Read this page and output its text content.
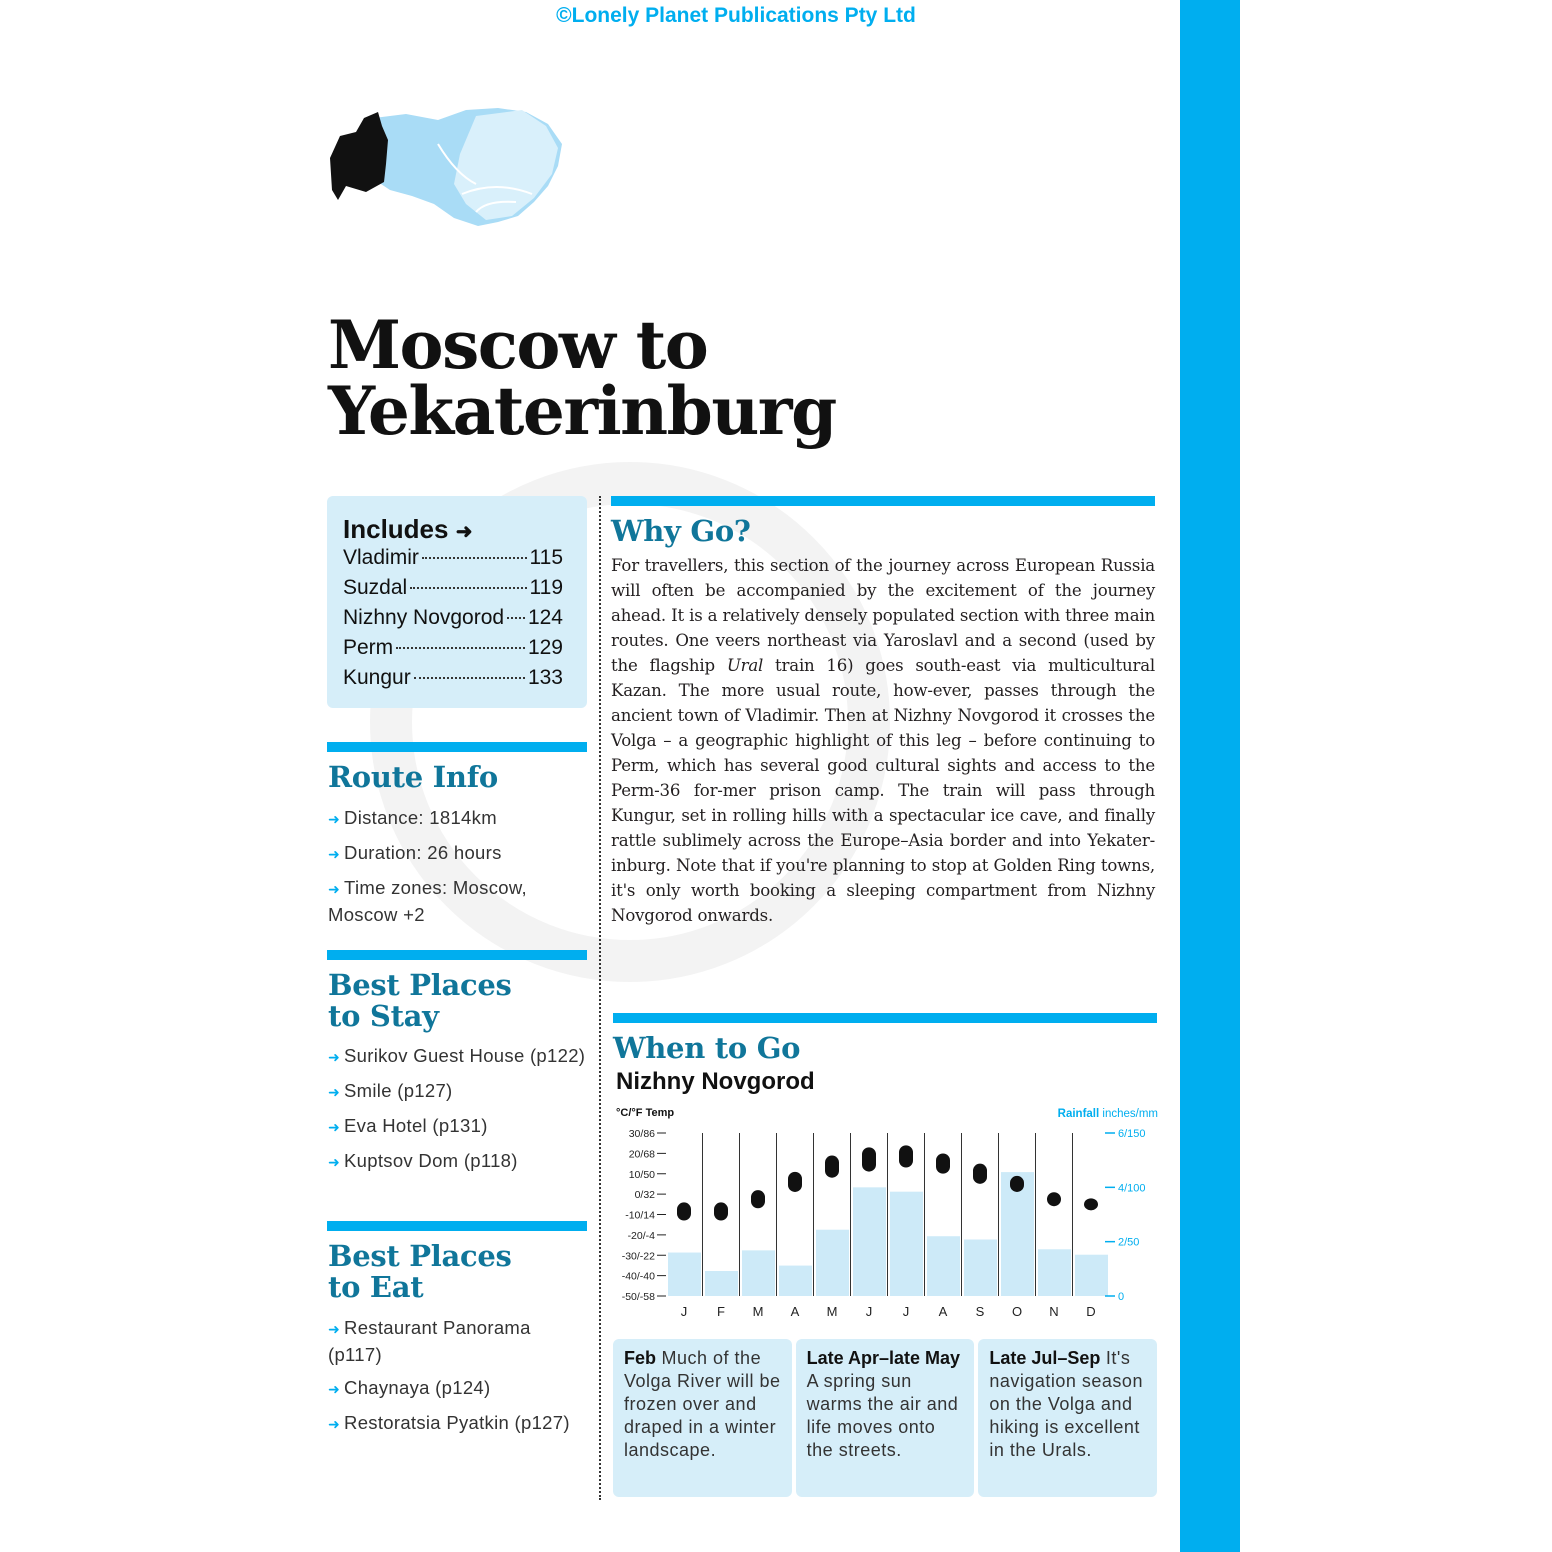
©Lonely Planet Publications Pty Ltd
Moscow to
Yekaterinburg
Includes ➜
Vladimir	115
Suzdal	119
Nizhny Novgorod 124
Perm	129
Kungur	133
Route Info
➜ Distance: 1814km
➜ Duration: 26 hours
➜ Time zones: Moscow, Moscow +2
Best Places
to Stay
➜ Surikov Guest House (p122)
➜ Smile (p127)
➜ Eva Hotel (p131)
➜ Kuptsov Dom (p118)
Best Places
to Eat
➜ Restaurant Panorama (p117)
➜ Chaynaya (p124)
➜ Restoratsia Pyatkin (p127)
Why Go?

For travellers, this section of the journey across European Russia will often be accompanied by the excitement of the journey ahead. It is a relatively densely populated section with three main routes. One veers northeast via Yaroslavl and a second (used by the flagship Ural train 16) goes south-east via multicultural Kazan. The more usual route, how-ever, passes through the ancient town of Vladimir. Then at Nizhny Novgorod it crosses the Volga – a geographic highlight of this leg – before continuing to Perm, which has several good cultural sights and access to the Perm-36 for-mer prison camp. The train will pass through Kungur, set in rolling hills with a spectacular ice cave, and finally rattle sublimely across the Europe–Asia border and into Yekater-inburg. Note that if you're planning to stop at Golden Ring towns, it's only worth booking a sleeping compartment from Nizhny Novgorod onwards.

When to Go
Nizhny Novgorod
°C/°F Temp	Rainfall inches/mm
30/86
20/68
10/50
0/32
-10/14
-20/-4
-30/-22
-40/-40
-50/-58
6/150
4/100
2/50
0
J F M A M J J A S O N D
Feb Much of the Volga River will be frozen over and draped in a winter landscape.
Late Apr–late May A spring sun warms the air and life moves onto the streets.
Late Jul–Sep It's navigation season on the Volga and hiking is excellent in the Urals.
